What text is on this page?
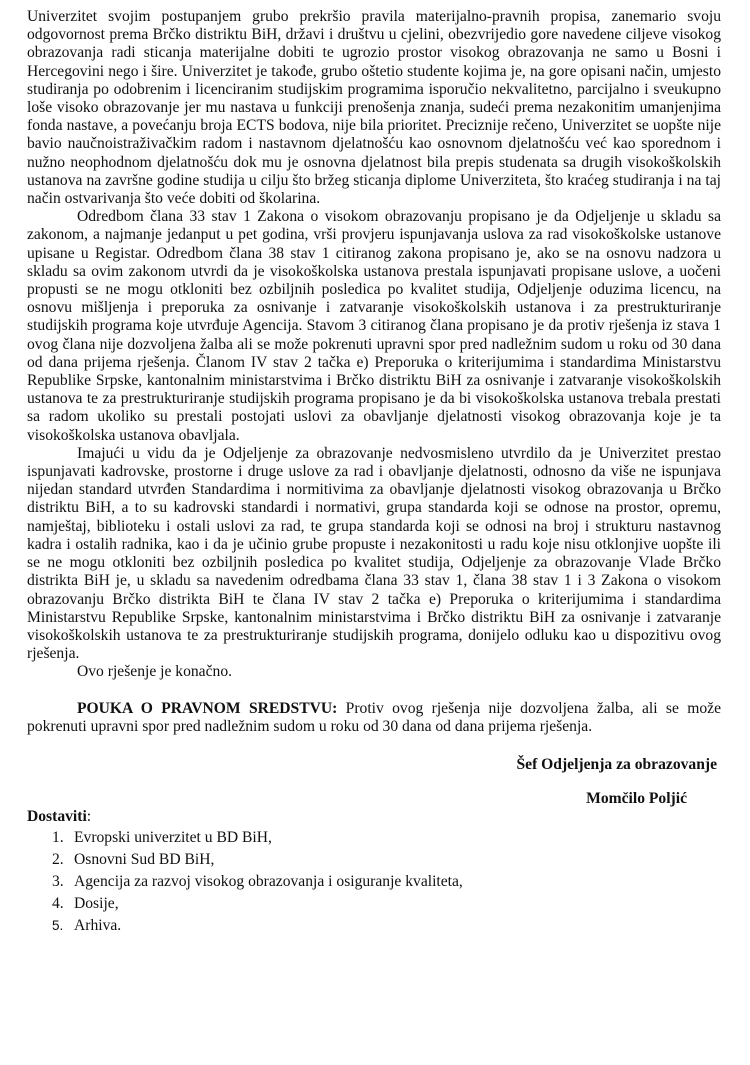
Univerzitet svojim postupanjem grubo prekršio pravila materijalno-pravnih propisa, zanemario svoju odgovornost prema Brčko distriktu BiH, državi i društvu u cjelini, obezvrijedio gore navedene ciljeve visokog obrazovanja radi sticanja materijalne dobiti te ugrozio prostor visokog obrazovanja ne samo u Bosni i Hercegovini nego i šire. Univerzitet je takođe, grubo oštetio studente kojima je, na gore opisani način, umjesto studiranja po odobrenim i licenciranim studijskim programima isporučio nekvalitetno, parcijalno i sveukupno loše visoko obrazovanje jer mu nastava u funkciji prenošenja znanja, sudeći prema nezakonitim umanjenjima fonda nastave, a povećanju broja ECTS bodova, nije bila prioritet. Precizniјe rečeno, Univerzitet se uopšte nije bavio naučnoistraživačkim radom i nastavnom djelatnošću kao osnovnom djelatnošću već kao sporednom i nužno neophodnom djelatnošću dok mu je osnovna djelatnost bila prepis studenata sa drugih visokoškolskih ustanova na završne godine studija u cilju što bržeg sticanja diplome Univerziteta, što kraćeg studiranja i na taj način ostvarivanja što veće dobiti od školarina.

Odredbom člana 33 stav 1 Zakona o visokom obrazovanju propisano je da Odjeljenje u skladu sa zakonom, a najmanje jedanput u pet godina, vrši provjeru ispunjavanja uslova za rad visokoškolske ustanove upisane u Registar. Odredbom člana 38 stav 1 citiranog zakona propisano je, ako se na osnovu nadzora u skladu sa ovim zakonom utvrdi da je visokoškolska ustanova prestala ispunjavati propisane uslove, a uočeni propusti se ne mogu otkloniti bez ozbiljnih posledica po kvalitet studija, Odjeljenje oduzima licencu, na osnovu mišljenja i preporuka za osnivanje i zatvaranje visokoškolskih ustanova i za prestrukturiranje studijskih programa koje utvrđuje Agencija. Stavom 3 citiranog člana propisano je da protiv rješenja iz stava 1 ovog člana nije dozvoljena žalba ali se može pokrenuti upravni spor pred nadležnim sudom u roku od 30 dana od dana prijema rješenja. Članom IV stav 2 tačka e) Preporuka o kriterijumima i standardima Ministarstvu Republike Srpske, kantonalnim ministarstvima i Brčko distriktu BiH za osnivanje i zatvaranje visokoškolskih ustanova te za prestrukturiranje studijskih programa propisano je da bi visokoškolska ustanova trebala prestati sa radom ukoliko su prestali postojati uslovi za obavljanje djelatnosti visokog obrazovanja koje je ta visokoškolska ustanova obavljala.

Imajući u vidu da je Odjeljenje za obrazovanje nedvosmisleno utvrdilo da je Univerzitet prestao ispunjavati kadrovske, prostorne i druge uslove za rad i obavljanje djelatnosti, odnosno da više ne ispunjava nijedan standard utvrđen Standardima i normitivima za obavljanje djelatnosti visokog obrazovanja u Brčko distriktu BiH, a to su kadrovski standardi i normativi, grupa standarda koji se odnose na prostor, opremu, namještaj, biblioteku i ostali uslovi za rad, te grupa standarda koji se odnosi na broj i strukturu nastavnog kadra i ostalih radnika, kao i da je učinio grube propuste i nezakonitosti u radu koje nisu otklonjive uopšte ili se ne mogu otkloniti bez ozbiljnih posledica po kvalitet studija, Odjeljenje za obrazovanje Vlade Brčko distrikta BiH je, u skladu sa navedenim odredbama člana 33 stav 1, člana 38 stav 1 i 3 Zakona o visokom obrazovanju Brčko distrikta BiH te člana IV stav 2 tačka e) Preporuka o kriterijumima i standardima Ministarstvu Republike Srpske, kantonalnim ministarstvima i Brčko distriktu BiH za osnivanje i zatvaranje visokoškolskih ustanova te za prestrukturiranje studijskih programa, donijelo odluku kao u dispozitivu ovog rješenja.

Ovo rješenje je konačno.

POUKA O PRAVNOM SREDSTVU: Protiv ovog rješenja nije dozvoljena žalba, ali se može pokrenuti upravni spor pred nadležnim sudom u roku od 30 dana od dana prijema rješenja.

Šef Odjeljenja za obrazovanje

Momčilo Poljić

Dostaviti:

1. Evropski univerzitet u BD BiH,
2. Osnovni Sud BD BiH,
3. Agencija za razvoj visokog obrazovanja i osiguranje kvaliteta,
4. Dosije,
5. Arhiva.
